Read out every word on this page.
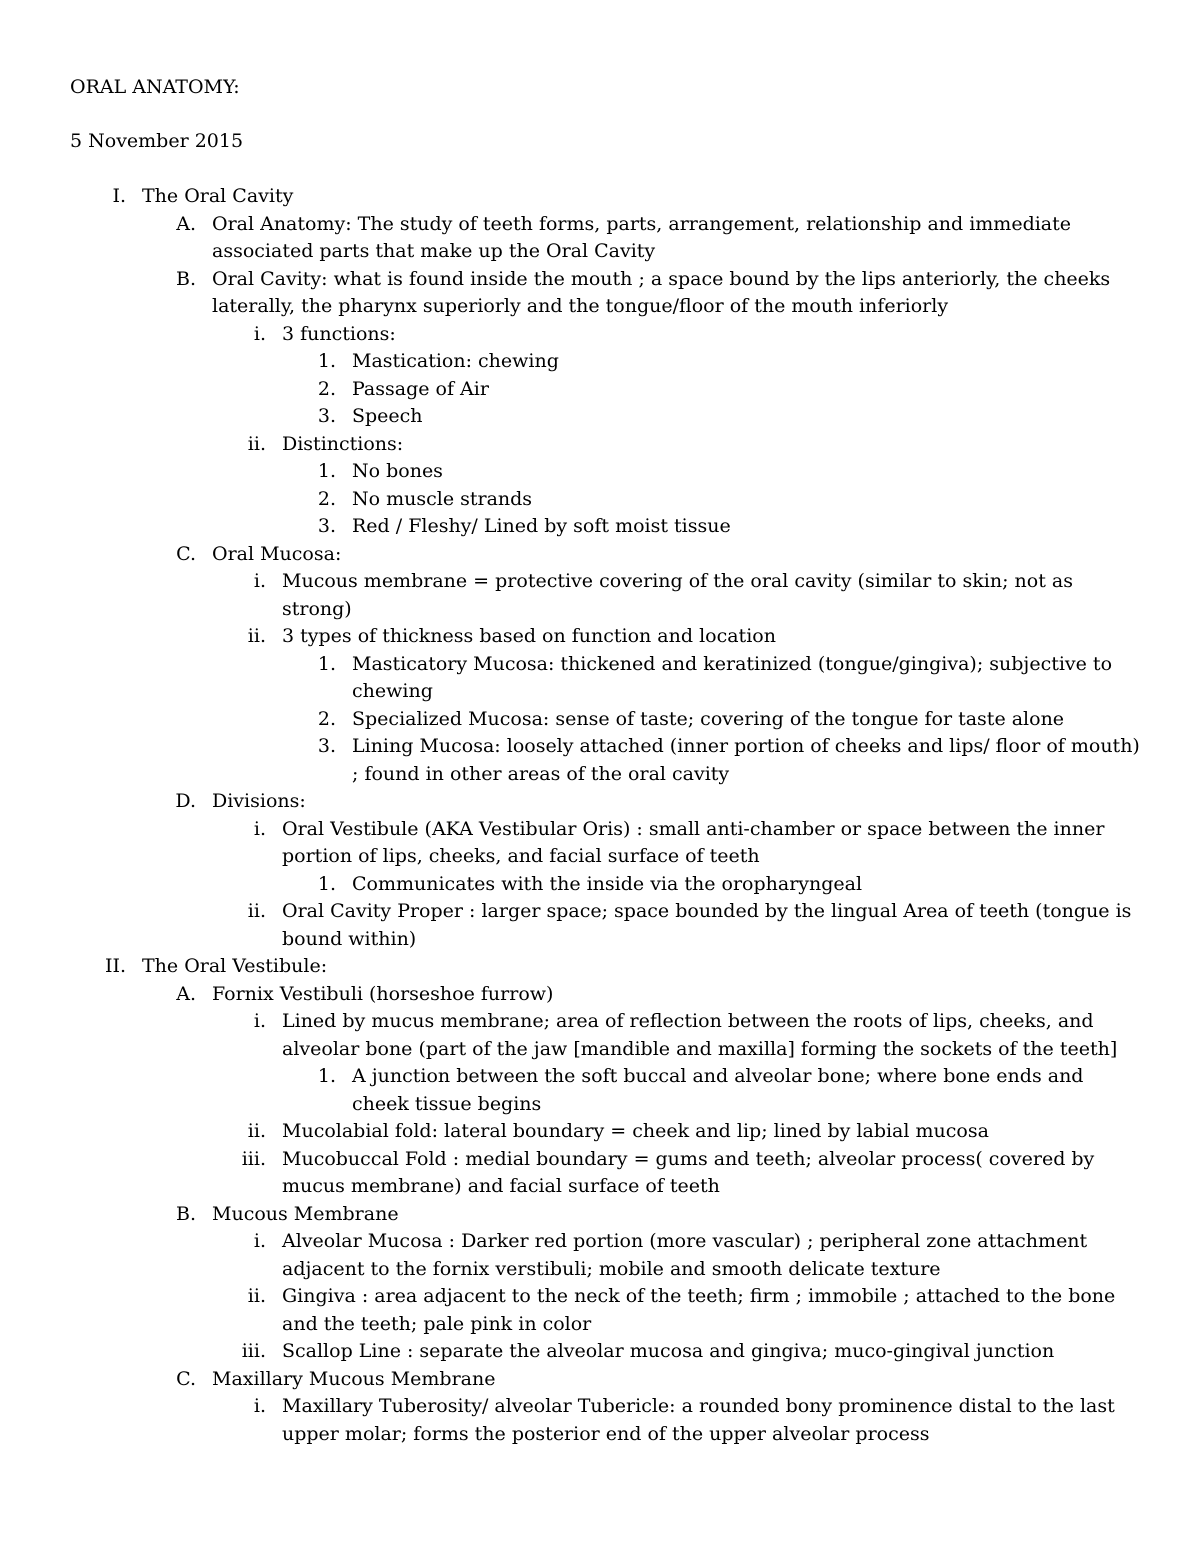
ORAL ANATOMY:
5 November 2015
I. The Oral Cavity
A. Oral Anatomy: The study of teeth forms, parts, arrangement, relationship and immediate associated parts that make up the Oral Cavity
B. Oral Cavity: what is found inside the mouth ; a space bound by the lips anteriorly, the cheeks laterally, the pharynx superiorly and the tongue/floor of the mouth inferiorly
i. 3 functions:
1. Mastication: chewing
2. Passage of Air
3. Speech
ii. Distinctions:
1. No bones
2. No muscle strands
3. Red / Fleshy/ Lined by soft moist tissue
C. Oral Mucosa:
i. Mucous membrane = protective covering of the oral cavity (similar to skin; not as strong)
ii. 3 types of thickness based on function and location
1. Masticatory Mucosa: thickened and keratinized (tongue/gingiva); subjective to chewing
2. Specialized Mucosa: sense of taste; covering of the tongue for taste alone
3. Lining Mucosa: loosely attached (inner portion of cheeks and lips/ floor of mouth) ; found in other areas of the oral cavity
D. Divisions:
i. Oral Vestibule (AKA Vestibular Oris) : small anti-chamber or space between the inner portion of lips, cheeks, and facial surface of teeth
1. Communicates with the inside via the oropharyngeal
ii. Oral Cavity Proper : larger space; space bounded by the lingual Area of teeth (tongue is bound within)
II. The Oral Vestibule:
A. Fornix Vestibuli (horseshoe furrow)
i. Lined by mucus membrane; area of reflection between the roots of lips, cheeks, and alveolar bone (part of the jaw [mandible and maxilla] forming the sockets of the teeth]
1. A junction between the soft buccal and alveolar bone; where bone ends and cheek tissue begins
ii. Mucolabial fold: lateral boundary = cheek and lip; lined by labial mucosa
iii. Mucobuccal Fold : medial boundary = gums and teeth; alveolar process( covered by mucus membrane) and facial surface of teeth
B. Mucous Membrane
i. Alveolar Mucosa : Darker red portion (more vascular) ; peripheral zone attachment adjacent to the fornix verstibuli; mobile and smooth delicate texture
ii. Gingiva : area adjacent to the neck of the teeth; firm ; immobile ; attached to the bone and the teeth; pale pink in color
iii. Scallop Line : separate the alveolar mucosa and gingiva; muco-gingival junction
C. Maxillary Mucous Membrane
i. Maxillary Tuberosity/ alveolar Tubericle: a rounded bony prominence distal to the last upper molar; forms the posterior end of the upper alveolar process
